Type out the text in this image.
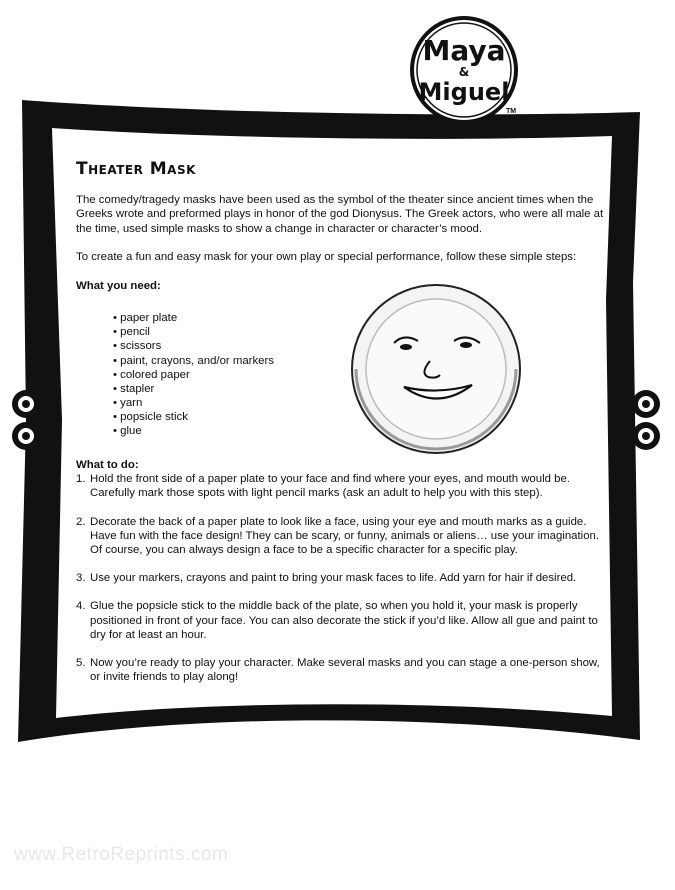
Maya
&
Miguel
TM
Theater Mask

The comedy/tragedy masks have been used as the symbol of the theater since ancient times when the Greeks wrote and preformed plays in honor of the god Dionysus. The Greek actors, who were all male at the time, used simple masks to show a change in character or character’s mood.

To create a fun and easy mask for your own play or special performance, follow these simple steps:

What you need:

• paper plate
• pencil
• scissors
• paint, crayons, and/or markers
• colored paper
• stapler
• yarn
• popsicle stick
• glue

What to do:

1. Hold the front side of a paper plate to your face and find where your eyes, and mouth would be. Carefully mark those spots with light pencil marks (ask an adult to help you with this step).
2. Decorate the back of a paper plate to look like a face, using your eye and mouth marks as a guide. Have fun with the face design! They can be scary, or funny, animals or aliens… use your imagination. Of course, you can always design a face to be a specific character for a specific play.
3. Use your markers, crayons and paint to bring your mask faces to life. Add yarn for hair if desired.
4. Glue the popsicle stick to the middle back of the plate, so when you hold it, your mask is properly positioned in front of your face. You can also decorate the stick if you’d like. Allow all gue and paint to dry for at least an hour.
5. Now you’re ready to play your character. Make several masks and you can stage a one-person show, or invite friends to play along!
www.RetroReprints.com
